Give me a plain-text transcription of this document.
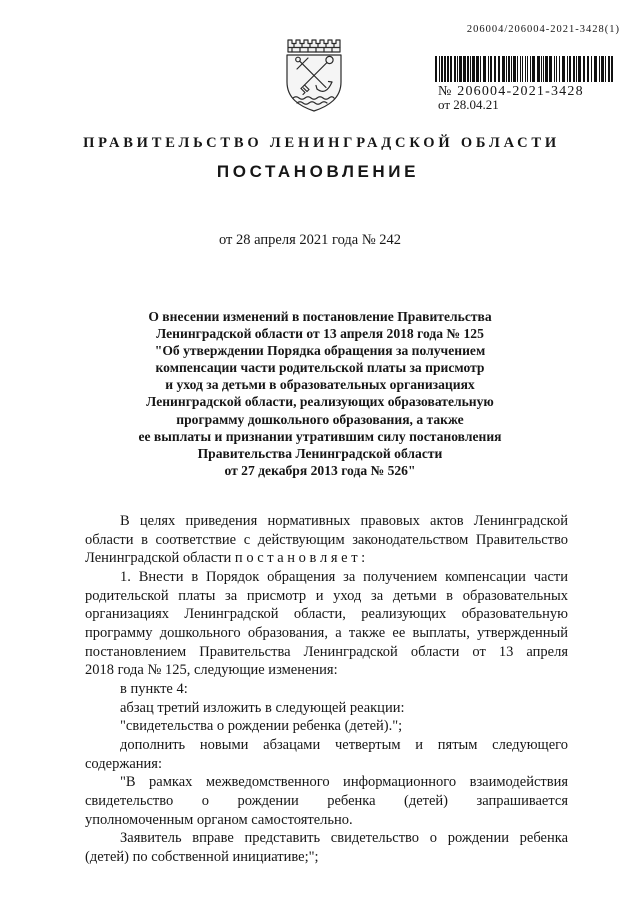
206004/206004-2021-3428(1)
№ 206004-2021-3428
от 28.04.21
ПРАВИТЕЛЬСТВО ЛЕНИНГРАДСКОЙ ОБЛАСТИ
ПОСТАНОВЛЕНИЕ
от 28 апреля 2021 года № 242
О внесении изменений в постановление Правительства
Ленинградской области от 13 апреля 2018 года № 125
"Об утверждении Порядка обращения за получением
компенсации части родительской платы за присмотр
и уход за детьми в образовательных организациях
Ленинградской области, реализующих образовательную
программу дошкольного образования, а также
ее выплаты и признании утратившим силу постановления
Правительства Ленинградской области
от 27 декабря 2013 года № 526"
В целях приведения нормативных правовых актов Ленинградской
области в соответствие с действующим законодательством Правительство
Ленинградской области п о с т а н о в л я е т :
1. Внести в Порядок обращения за получением компенсации части
родительской платы за присмотр и уход за детьми в образовательных
организациях Ленинградской области, реализующих образовательную
программу дошкольного образования, а также ее выплаты, утвержденный
постановлением Правительства Ленинградской области от 13 апреля
2018 года № 125, следующие изменения:
в пункте 4:
абзац третий изложить в следующей реакции:
"свидетельства о рождении ребенка (детей).";
дополнить новыми абзацами четвертым и пятым следующего
содержания:
"В рамках межведомственного информационного взаимодействия
свидетельство о рождении ребенка (детей) запрашивается
уполномоченным органом самостоятельно.
Заявитель вправе представить свидетельство о рождении ребенка
(детей) по собственной инициативе;";
